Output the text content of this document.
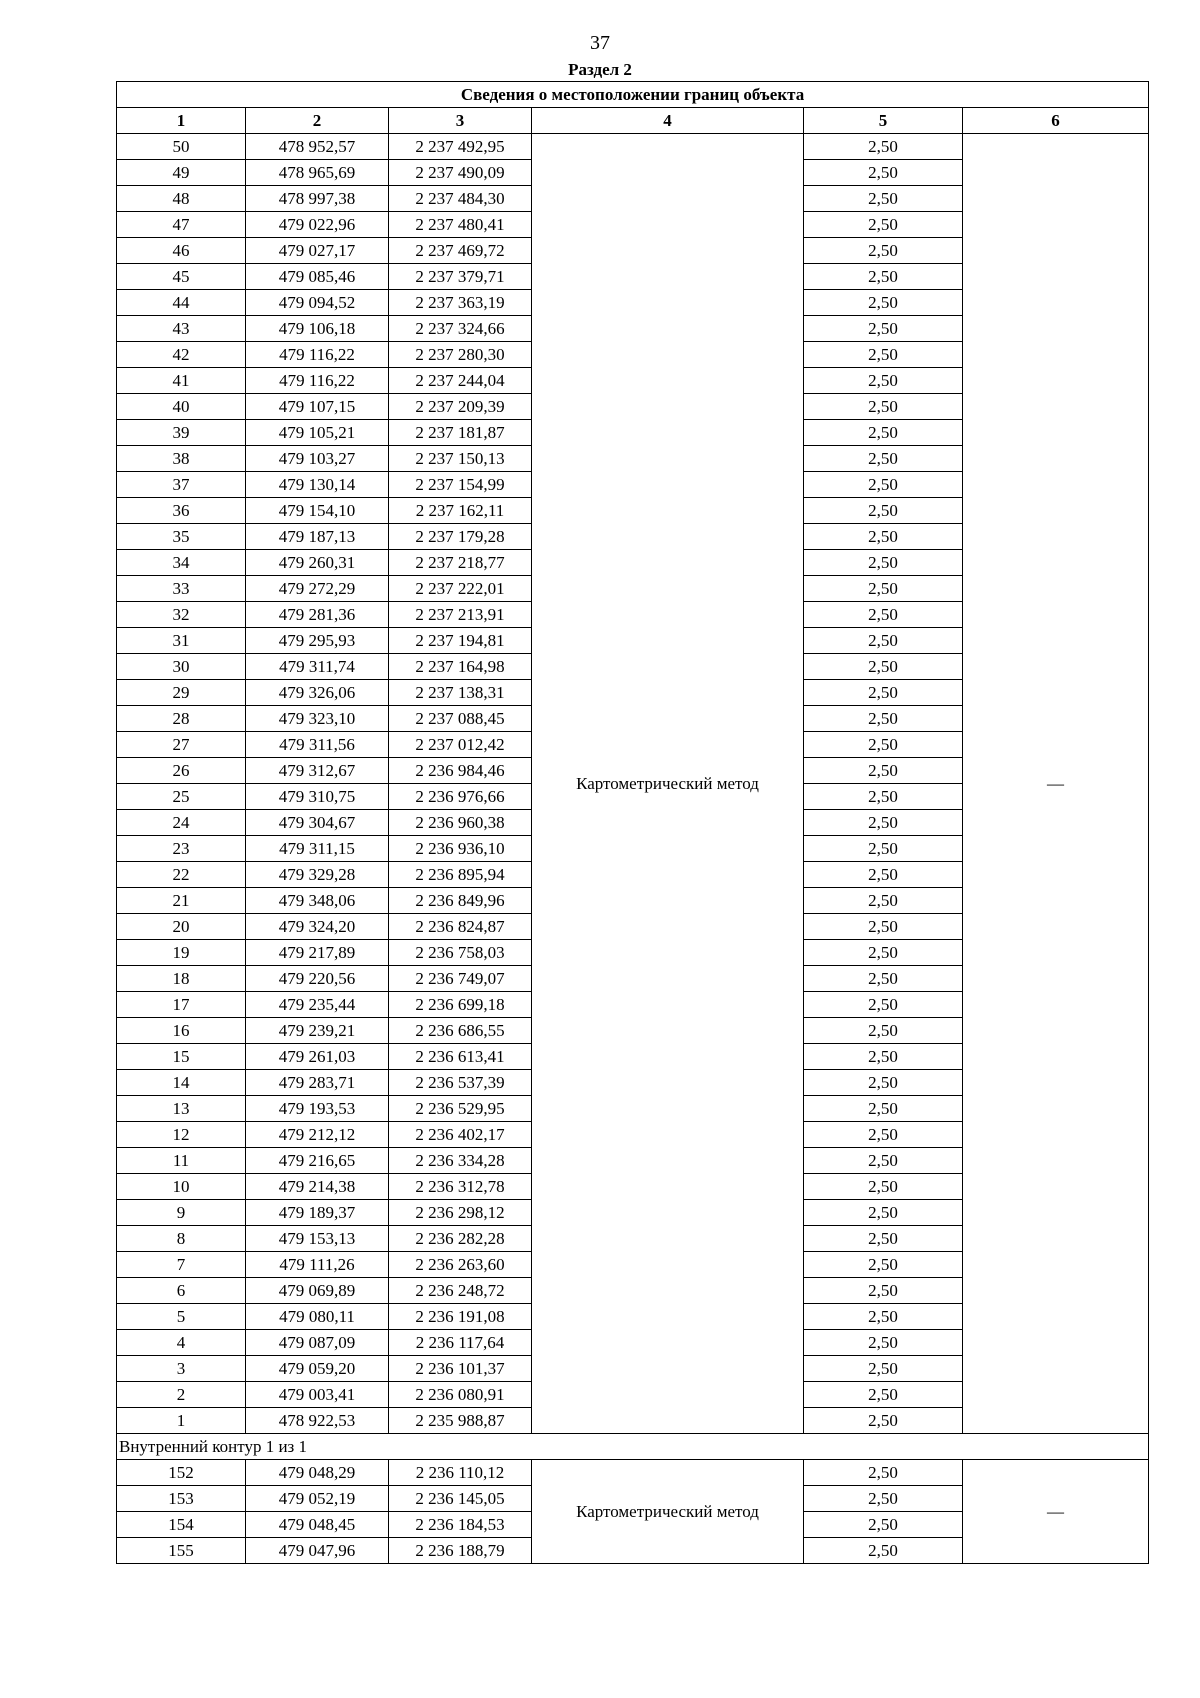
37
Раздел 2
Сведения о местоположении границ объекта					
1	2	3	4	5	6
50	478 952,57	2 237 492,95	Картометрический метод	2,50	—
49	478 965,69	2 237 490,09		2,50	
48	478 997,38	2 237 484,30		2,50	
47	479 022,96	2 237 480,41		2,50	
46	479 027,17	2 237 469,72		2,50	
45	479 085,46	2 237 379,71		2,50	
44	479 094,52	2 237 363,19		2,50	
43	479 106,18	2 237 324,66		2,50	
42	479 116,22	2 237 280,30		2,50	
41	479 116,22	2 237 244,04		2,50	
40	479 107,15	2 237 209,39		2,50	
39	479 105,21	2 237 181,87		2,50	
38	479 103,27	2 237 150,13		2,50	
37	479 130,14	2 237 154,99		2,50	
36	479 154,10	2 237 162,11		2,50	
35	479 187,13	2 237 179,28		2,50	
34	479 260,31	2 237 218,77		2,50	
33	479 272,29	2 237 222,01		2,50	
32	479 281,36	2 237 213,91		2,50	
31	479 295,93	2 237 194,81		2,50	
30	479 311,74	2 237 164,98		2,50	
29	479 326,06	2 237 138,31		2,50	
28	479 323,10	2 237 088,45		2,50	
27	479 311,56	2 237 012,42		2,50	
26	479 312,67	2 236 984,46		2,50	
25	479 310,75	2 236 976,66		2,50	
24	479 304,67	2 236 960,38		2,50	
23	479 311,15	2 236 936,10		2,50	
22	479 329,28	2 236 895,94		2,50	
21	479 348,06	2 236 849,96		2,50	
20	479 324,20	2 236 824,87		2,50	
19	479 217,89	2 236 758,03		2,50	
18	479 220,56	2 236 749,07		2,50	
17	479 235,44	2 236 699,18		2,50	
16	479 239,21	2 236 686,55		2,50	
15	479 261,03	2 236 613,41		2,50	
14	479 283,71	2 236 537,39		2,50	
13	479 193,53	2 236 529,95		2,50	
12	479 212,12	2 236 402,17		2,50	
11	479 216,65	2 236 334,28		2,50	
10	479 214,38	2 236 312,78		2,50	
9	479 189,37	2 236 298,12		2,50	
8	479 153,13	2 236 282,28		2,50	
7	479 111,26	2 236 263,60		2,50	
6	479 069,89	2 236 248,72		2,50	
5	479 080,11	2 236 191,08		2,50	
4	479 087,09	2 236 117,64		2,50	
3	479 059,20	2 236 101,37		2,50	
2	479 003,41	2 236 080,91		2,50	
1	478 922,53	2 235 988,87		2,50	
Внутренний контур 1 из 1					
152	479 048,29	2 236 110,12	Картометрический метод	2,50	—
153	479 052,19	2 236 145,05		2,50	
154	479 048,45	2 236 184,53		2,50	
155	479 047,96	2 236 188,79		2,50	
